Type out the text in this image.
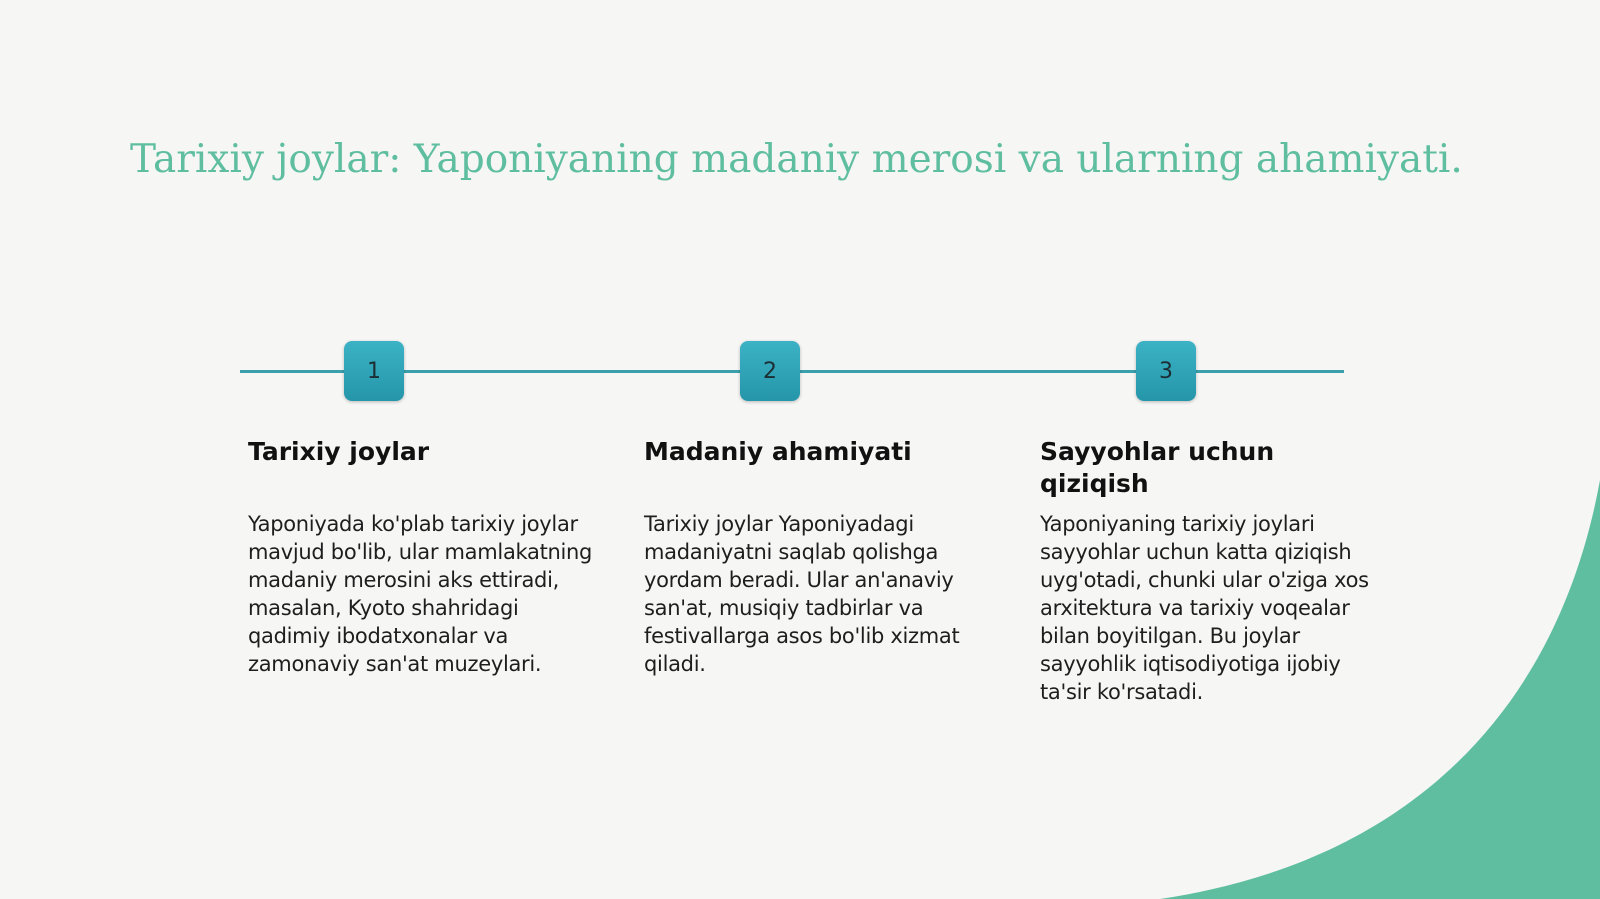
Tarixiy joylar: Yaponiyaning madaniy merosi va ularning ahamiyati.
1	2	3
Tarixiy joylar

Yaponiyada ko'plab tarixiy joylar mavjud bo'lib, ular mamlakatning madaniy merosini aks ettiradi, masalan, Kyoto shahridagi qadimiy ibodatxonalar va zamonaviy san'at muzeylari.

Madaniy ahamiyati

Tarixiy joylar Yaponiyadagi madaniyatni saqlab qolishga yordam beradi. Ular an'anaviy san'at, musiqiy tadbirlar va festivallarga asos bo'lib xizmat qiladi.

Sayyohlar uchun qiziqish

Yaponiyaning tarixiy joylari sayyohlar uchun katta qiziqish uyg'otadi, chunki ular o'ziga xos arxitektura va tarixiy voqealar bilan boyitilgan. Bu joylar sayyohlik iqtisodiyotiga ijobiy ta'sir ko'rsatadi.
